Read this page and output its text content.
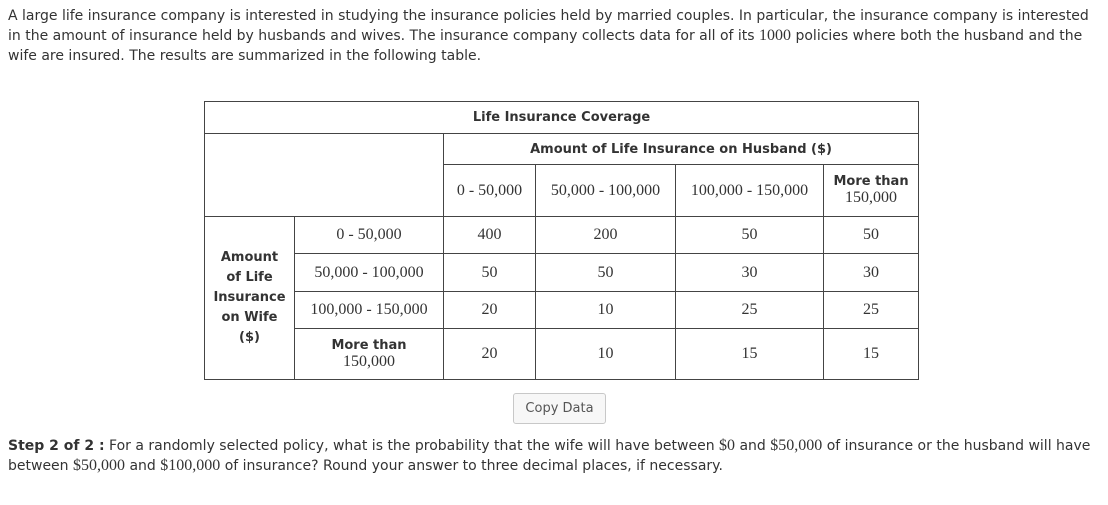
A large life insurance company is interested in studying the insurance policies held by married couples. In particular, the insurance company is interested in the amount of insurance held by husbands and wives. The insurance company collects data for all of its 1000 policies where both the husband and the wife are insured. The results are summarized in the following table.

Life Insurance Coverage					
		Amount of Life Insurance on Husband ($)			
		0 - 50,000	50,000 - 100,000	100,000 - 150,000	More than
150,000

Amount
of Life
Insurance
on Wife
($)	0 - 50,000	400	200	50	50
	50,000 - 100,000	50	50	30	30
	100,000 - 150,000	20	10	25	25

	More than
150,000	20	10	15	15
Copy Data

Step 2 of 2 : For a randomly selected policy, what is the probability that the wife will have between $0 and $50,000 of insurance or the husband will have between $50,000 and $100,000 of insurance? Round your answer to three decimal places, if necessary.
